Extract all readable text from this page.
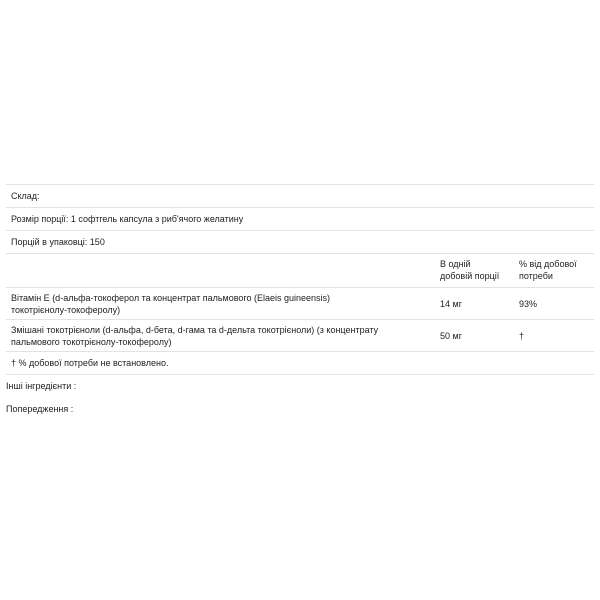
Склад:
Розмір порції: 1 софтгель капсула з риб'ячого желатину
Порцій в упаковці: 150
В одній
добовій порції
% від добової
потреби
Вітамін Е (d-альфа-токоферол та концентрат пальмового (Elaeis guineensis)
токотрієнолу-токоферолу)
14 мг	93%
Змішані токотрієноли (d-альфа, d-бета, d-гама та d-дельта токотрієноли) (з концентрату
пальмового токотрієнолу-токоферолу)
50 мг	†
† % добової потреби не встановлено.
Інші інгредієнти :
Попередження :
